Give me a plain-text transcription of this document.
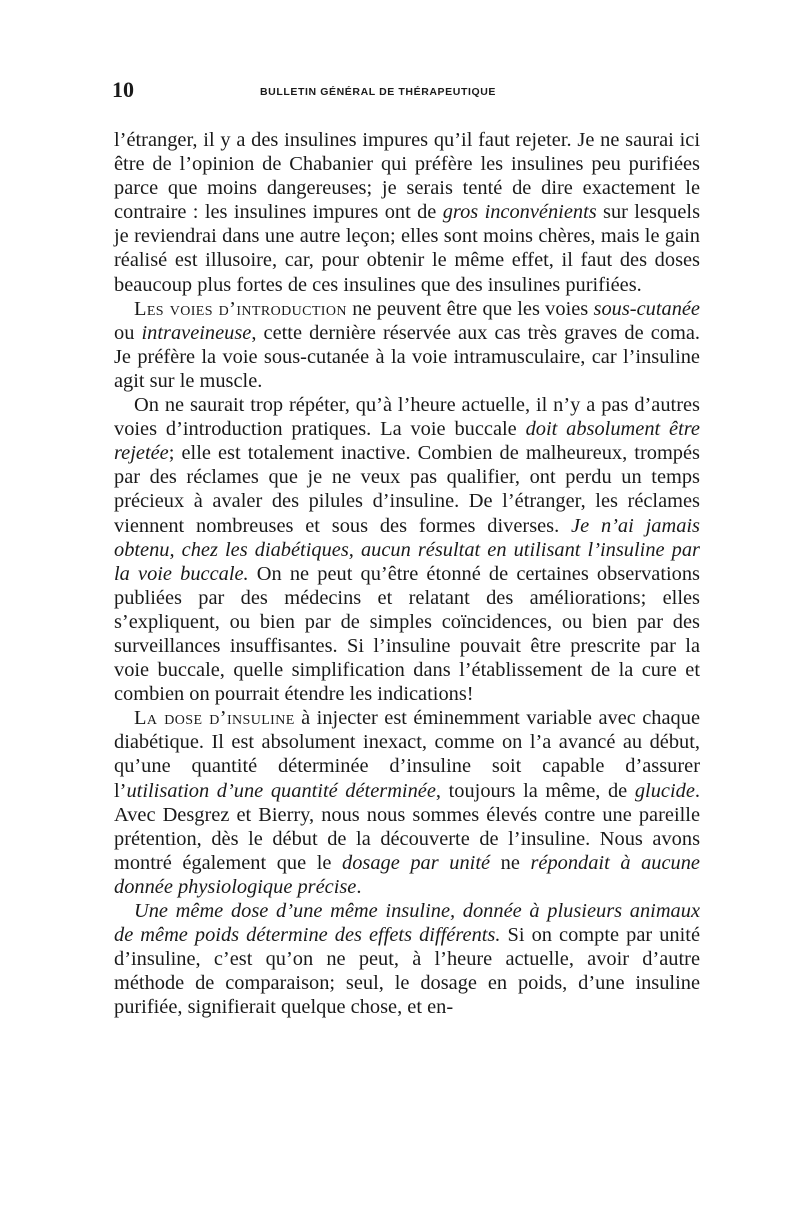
10	BULLETIN GÉNÉRAL DE THÉRAPEUTIQUE

l’étranger, il y a des insulines impures qu’il faut rejeter. Je ne saurai ici être de l’opinion de Chabanier qui préfère les insulines peu purifiées parce que moins dangereuses; je serais tenté de dire exactement le contraire : les insulines impures ont de gros inconvénients sur lesquels je reviendrai dans une autre leçon; elles sont moins chères, mais le gain réalisé est illusoire, car, pour obtenir le même effet, il faut des doses beaucoup plus fortes de ces insulines que des insulines purifiées.

Les voies d’introduction ne peuvent être que les voies sous-cutanée ou intraveineuse, cette dernière réservée aux cas très graves de coma. Je préfère la voie sous-cutanée à la voie intramusculaire, car l’insuline agit sur le muscle.

On ne saurait trop répéter, qu’à l’heure actuelle, il n’y a pas d’autres voies d’introduction pratiques. La voie buccale doit absolument être rejetée; elle est totalement inactive. Combien de malheureux, trompés par des réclames que je ne veux pas qualifier, ont perdu un temps précieux à avaler des pilules d’insuline. De l’étranger, les réclames viennent nombreuses et sous des formes diverses. Je n’ai jamais obtenu, chez les diabétiques, aucun résultat en utilisant l’insuline par la voie buccale. On ne peut qu’être étonné de certaines observations publiées par des médecins et relatant des améliorations; elles s’expliquent, ou bien par de simples coïncidences, ou bien par des surveillances insuffisantes. Si l’insuline pouvait être prescrite par la voie buccale, quelle simplification dans l’établissement de la cure et combien on pourrait étendre les indications!

La dose d’insuline à injecter est éminemment variable avec chaque diabétique. Il est absolument inexact, comme on l’a avancé au début, qu’une quantité déterminée d’insuline soit capable d’assurer l’utilisation d’une quantité déterminée, toujours la même, de glucide. Avec Desgrez et Bierry, nous nous sommes élevés contre une pareille prétention, dès le début de la découverte de l’insuline. Nous avons montré également que le dosage par unité ne répondait à aucune donnée physiologique précise.

Une même dose d’une même insuline, donnée à plusieurs animaux de même poids détermine des effets différents. Si on compte par unité d’insuline, c’est qu’on ne peut, à l’heure actuelle, avoir d’autre méthode de comparaison; seul, le dosage en poids, d’une insuline purifiée, signifierait quelque chose, et en-
